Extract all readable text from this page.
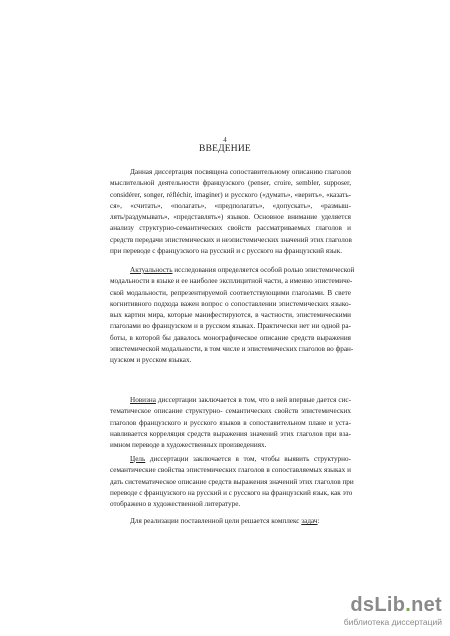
4
ВВЕДЕНИЕ
Данная диссертация посвящена сопоставительному описанию глаголов
мыслительной деятельности французского (penser, croire, sembler, supposer,
considérer, songer, réfléchir, imaginer) и русского («думать», «верить», «казать-
ся», «считать», «полагать», «предполагать», «допускать», «размыш-
лять/раздумывать», «представлять») языков. Основное внимание уделяется
анализу структурно-семантических свойств рассматриваемых глаголов и
средств передачи эпистемических и неэпистемических значений этих глаголов
при переводе с французского на русский и с русского на французский язык.
Актуальность исследования определяется особой ролью эпистемической
модальности в языке и ее наиболее эксплицитной части, а именно эпистемиче-
ской модальности, репрезентируемой соответствующими глаголами. В свете
когнитивного подхода важен вопрос о сопоставлении эпистемических языко-
вых картин мира, которые манифестируются, в частности, эпистемическими
глаголами во французском и в русском языках. Практически нет ни одной ра-
боты, в которой бы давалось монографическое описание средств выражения
эпистемической модальности, в том числе и эпистемических глаголов во фран-
цузском и русском языках.
Новизна диссертации заключается в том, что в ней впервые дается сис-
тематическое описание структурно- семантических свойств эпистемических
глаголов французского и русского языков в сопоставительном плане и уста-
навливается корреляция средств выражения значений этих глаголов при вза-
имном переводе в художественных произведениях.
Цель диссертации заключается в том, чтобы выявить структурно-
семантические свойства эпистемических глаголов в сопоставляемых языках и
дать систематическое описание средств выражения значений этих глаголов при
переводе с французского на русский и с русского на французский язык, как это
отображено в художественной литературе.
Для реализации поставленной цели решается комплекс задач:
dsLib.net
библиотека диссертаций
